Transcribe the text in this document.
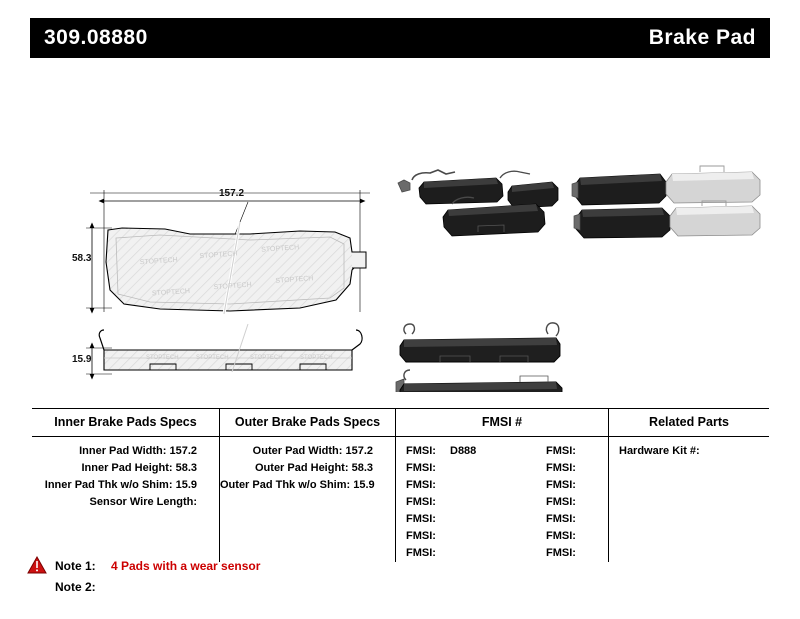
309.08880	Brake Pad
STOPTECH
STOPTECH
STOPTECH
STOPTECH
STOPTECH
STOPTECH
STOPTECH	STOPTECH	STOPTECH	STOPTECH
157.2
58.3
15.9
Inner Brake Pads Specs	Outer Brake Pads Specs	FMSI #	Related Parts
Inner Pad Width: 157.2
Inner Pad Height: 58.3
Inner Pad Thk w/o Shim: 15.9
Sensor Wire Length:
Outer Pad Width: 157.2
Outer Pad Height: 58.3
Outer Pad Thk w/o Shim: 15.9
FMSI:	D888	FMSI:
FMSI:	FMSI:
FMSI:	FMSI:
FMSI:	FMSI:
FMSI:	FMSI:
FMSI:	FMSI:
FMSI:	FMSI:
Hardware Kit #:
Note 1:	4 Pads with a wear sensor
Note 2:
